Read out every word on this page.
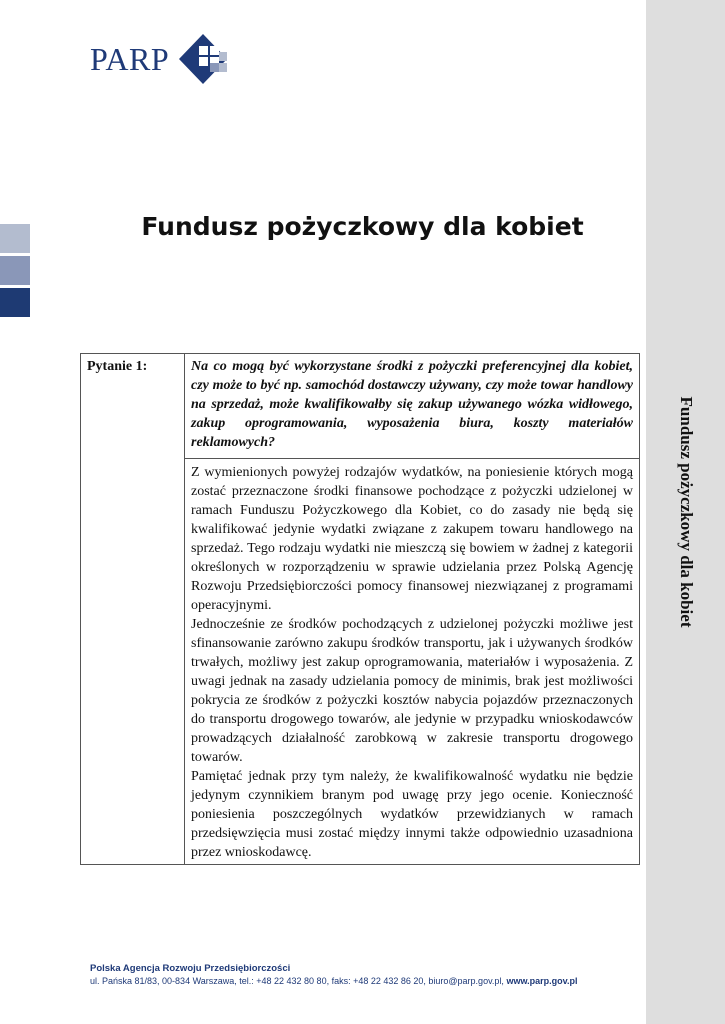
Fundusz pożyczkowy dla kobiet
PARP
Fundusz pożyczkowy dla kobiet
Pytanie 1:	Na co mogą być wykorzystane środki z pożyczki preferencyjnej dla kobiet, czy może to być np. samochód dostawczy używany, czy może towar handlowy na sprzedaż, może kwalifikowałby się zakup używanego wózka widłowego, zakup oprogramowania, wyposażenia biura, koszty materiałów reklamowych?

Z wymienionych powyżej rodzajów wydatków, na poniesienie których mogą zostać przeznaczone środki finansowe pochodzące z pożyczki udzielonej w ramach Funduszu Pożyczkowego dla Kobiet, co do zasady nie będą się kwalifikować jedynie wydatki związane z zakupem towaru handlowego na sprzedaż. Tego rodzaju wydatki nie mieszczą się bowiem w żadnej z kategorii określonych w rozporządzeniu w sprawie udzielania przez Polską Agencję Rozwoju Przedsiębiorczości pomocy finansowej niezwiązanej z programami operacyjnymi.

Jednocześnie ze środków pochodzących z udzielonej pożyczki możliwe jest sfinansowanie zarówno zakupu środków transportu, jak i używanych środków trwałych, możliwy jest zakup oprogramowania, materiałów i wyposażenia. Z uwagi jednak na zasady udzielania pomocy de minimis, brak jest możliwości pokrycia ze środków z pożyczki kosztów nabycia pojazdów przeznaczonych do transportu drogowego towarów, ale jedynie w przypadku wnioskodawców prowadzących działalność zarobkową w zakresie transportu drogowego towarów.

Pamiętać jednak przy tym należy, że kwalifikowalność wydatku nie będzie jedynym czynnikiem branym pod uwagę przy jego ocenie. Konieczność poniesienia poszczególnych wydatków przewidzianych w ramach przedsięwzięcia musi zostać między innymi także odpowiednio uzasadniona przez wnioskodawcę.

Polska Agencja Rozwoju Przedsiębiorczości
ul. Pańska 81/83, 00-834 Warszawa, tel.: +48 22 432 80 80, faks: +48 22 432 86 20, biuro@parp.gov.pl, www.parp.gov.pl
